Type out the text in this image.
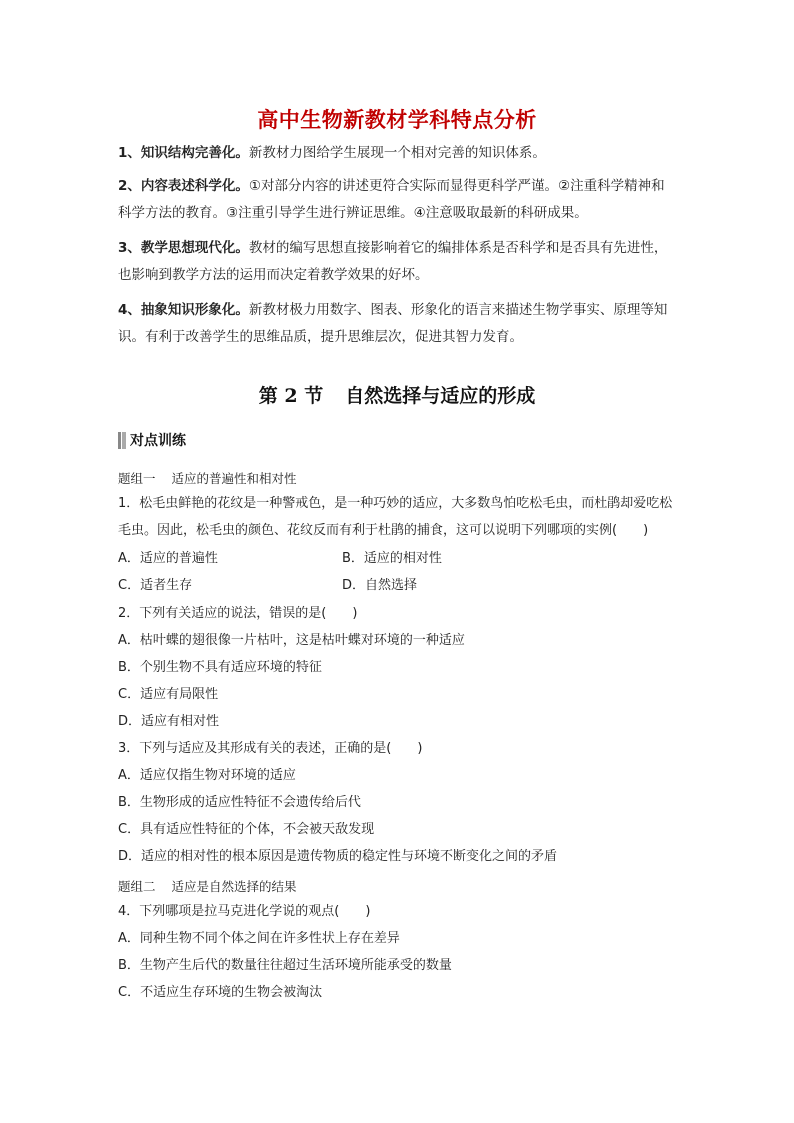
高中生物新教材学科特点分析

1、知识结构完善化。新教材力图给学生展现一个相对完善的知识体系。

2、内容表述科学化。①对部分内容的讲述更符合实际而显得更科学严谨。②注重科学精神和科学方法的教育。③注重引导学生进行辨证思维。④注意吸取最新的科研成果。

3、教学思想现代化。教材的编写思想直接影响着它的编排体系是否科学和是否具有先进性，也影响到教学方法的运用而决定着教学效果的好坏。

4、抽象知识形象化。新教材极力用数字、图表、形象化的语言来描述生物学事实、原理等知识。有利于改善学生的思维品质，提升思维层次，促进其智力发育。

第 2 节 自然选择与适应的形成
对点训练
题组一 适应的普遍性和相对性
1．松毛虫鲜艳的花纹是一种警戒色，是一种巧妙的适应，大多数鸟怕吃松毛虫，而杜鹃却爱吃松毛虫。因此，松毛虫的颜色、花纹反而有利于杜鹃的捕食，这可以说明下列哪项的实例(　　)
A．适应的普遍性	B．适应的相对性
C．适者生存	D．自然选择
2．下列有关适应的说法，错误的是(　　)
A．枯叶蝶的翅很像一片枯叶，这是枯叶蝶对环境的一种适应
B．个别生物不具有适应环境的特征
C．适应有局限性
D．适应有相对性
3．下列与适应及其形成有关的表述，正确的是(　　)
A．适应仅指生物对环境的适应
B．生物形成的适应性特征不会遗传给后代
C．具有适应性特征的个体，不会被天敌发现
D．适应的相对性的根本原因是遗传物质的稳定性与环境不断变化之间的矛盾
题组二 适应是自然选择的结果
4．下列哪项是拉马克进化学说的观点(　　)
A．同种生物不同个体之间在许多性状上存在差异
B．生物产生后代的数量往往超过生活环境所能承受的数量
C．不适应生存环境的生物会被淘汰
